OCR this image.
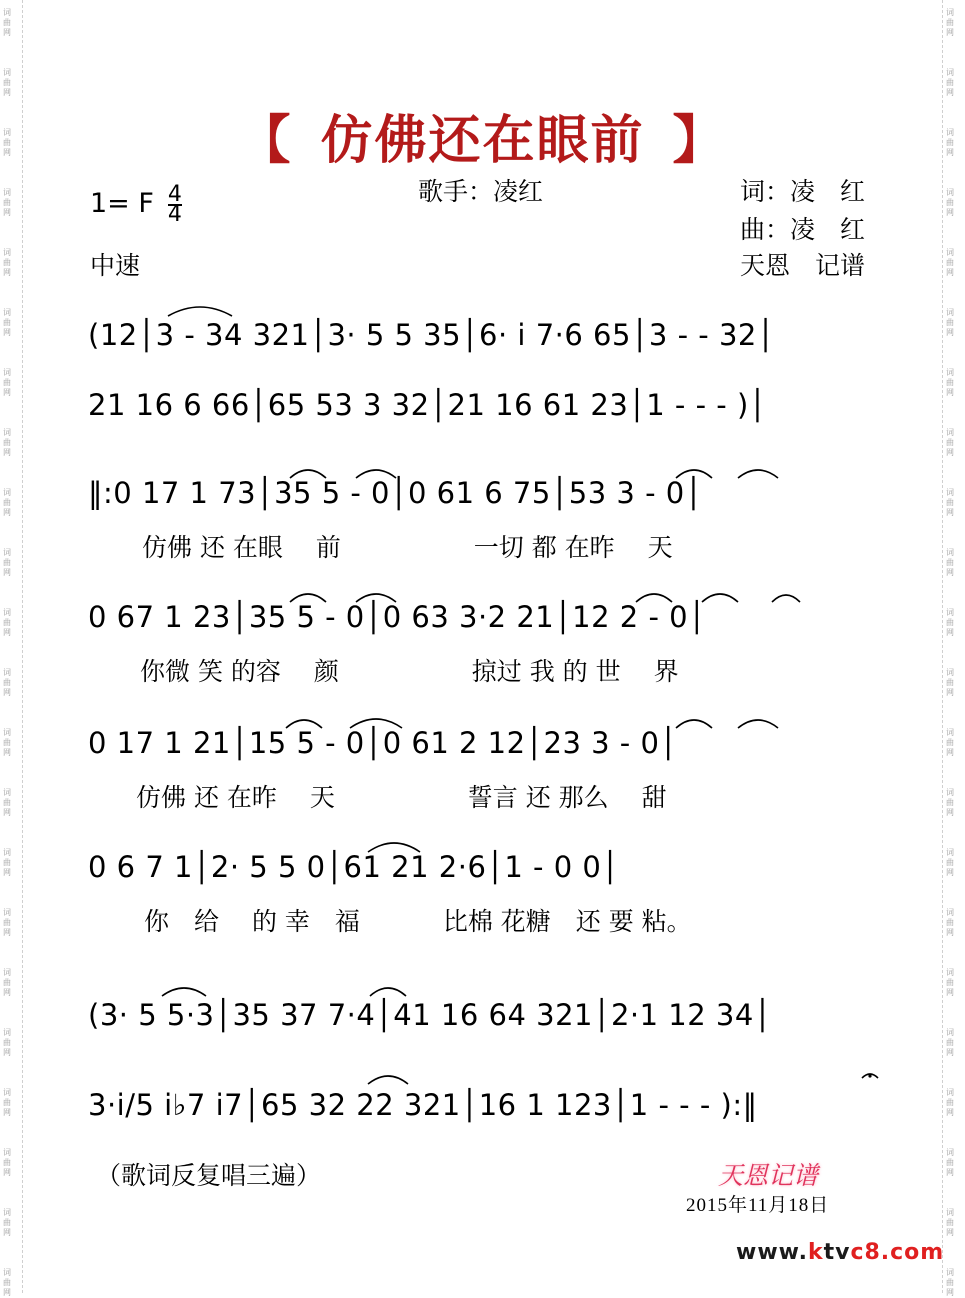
词曲网
词曲网
词曲网
词曲网
词曲网
词曲网
词曲网
词曲网
词曲网
词曲网
词曲网
词曲网
词曲网
词曲网
词曲网
词曲网
词曲网
词曲网
词曲网
词曲网
词曲网
词曲网
词曲网
词曲网
词曲网
词曲网
词曲网
词曲网
词曲网
词曲网
词曲网
词曲网
词曲网
词曲网
词曲网
词曲网
词曲网
词曲网
词曲网
词曲网
词曲网
词曲网
词曲网
词曲网
【 仿佛还在眼前 】
1= F $\frac{4}{4}$
中速
歌手：凌红	词：凌　红
曲：凌　红
天恩　记谱
(12│3 - 34 321│3· 5 5 35│6· i 7·6 65│3 - - 32│
21 16 6 66│65 53 3 32│21 16 61 23│1 - - - )│
‖:0 17 1 73│35 5 - 0│0 61 6 75│53 3 - 0│
仿佛 还 在眼　 前　　　　　 一切 都 在昨　 天
0 67 1 23│35 5 - 0│0 63 3·2 21│12 2 - 0│
你微 笑 的容　 颜　　　　　 掠过 我 的 世　 界
0 17 1 21│15 5 - 0│0 61 2 12│23 3 - 0│
仿佛 还 在昨　 天　　　　　 誓言 还 那么　 甜
0 6 7 1│2· 5 5 0│61 21 2·6│1 - 0 0│
你　给　 的 幸　福　　　 比棉 花糖　还 要 粘。
(3· 5 5·3│35 37 7·4│41 16 64 321│2·1 12 34│
3·i/5 i♭7 i7│65 32 22 321│16 1 123│1 - - - ):‖
（歌词反复唱三遍）	天恩记谱
2015年11月18日
www.ktvc8.com
